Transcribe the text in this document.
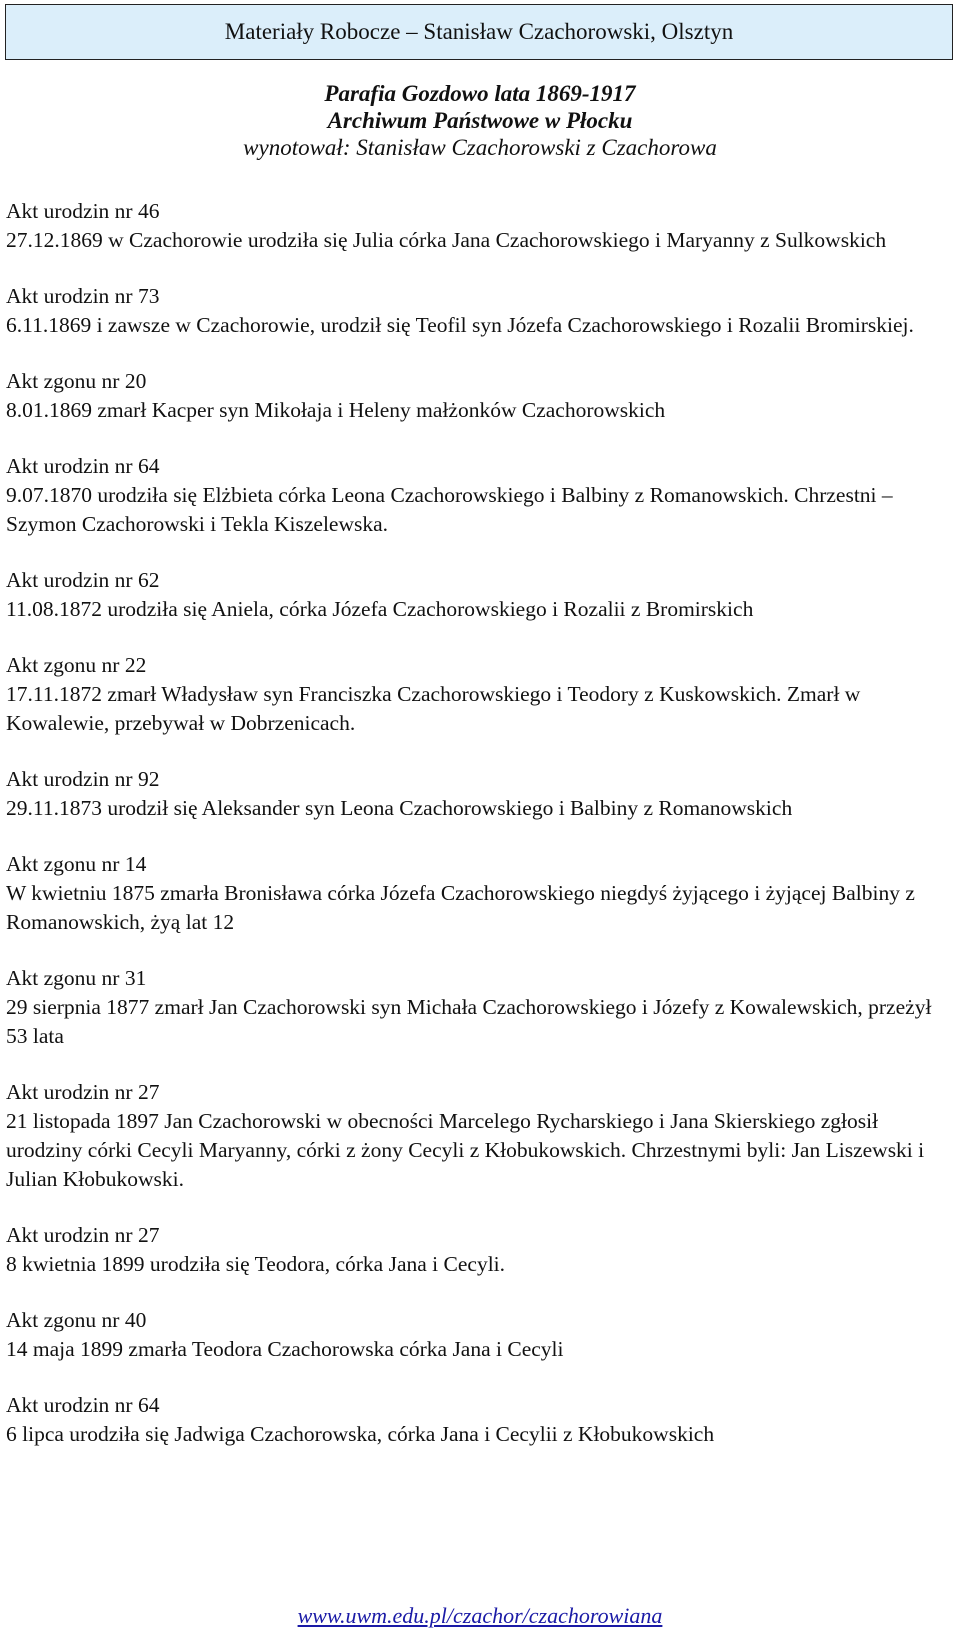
Materiały Robocze – Stanisław Czachorowski, Olsztyn
Parafia Gozdowo lata 1869-1917
Archiwum Państwowe w Płocku
wynotował: Stanisław Czachorowski z Czachorowa
Akt urodzin nr 46
27.12.1869 w Czachorowie urodziła się Julia córka Jana Czachorowskiego i Maryanny z Sulkowskich
Akt urodzin nr 73
6.11.1869 i zawsze w Czachorowie, urodził się Teofil syn Józefa Czachorowskiego i Rozalii Bromirskiej.
Akt zgonu nr 20
8.01.1869 zmarł Kacper syn Mikołaja i Heleny małżonków Czachorowskich
Akt urodzin nr 64
9.07.1870 urodziła się Elżbieta córka Leona Czachorowskiego i Balbiny z Romanowskich. Chrzestni – Szymon Czachorowski i Tekla Kiszelewska.
Akt urodzin nr 62
11.08.1872 urodziła się Aniela, córka Józefa Czachorowskiego i Rozalii z Bromirskich
Akt zgonu nr 22
17.11.1872 zmarł Władysław syn Franciszka Czachorowskiego i Teodory z Kuskowskich. Zmarł w Kowalewie, przebywał w Dobrzenicach.
Akt urodzin nr 92
29.11.1873 urodził się Aleksander syn Leona Czachorowskiego i Balbiny z Romanowskich
Akt zgonu nr 14
W kwietniu 1875 zmarła Bronisława córka Józefa Czachorowskiego niegdyś żyjącego i żyjącej Balbiny z Romanowskich, żyą lat 12
Akt zgonu nr 31
29 sierpnia 1877 zmarł Jan Czachorowski syn Michała Czachorowskiego i Józefy z Kowalewskich, przeżył 53 lata
Akt urodzin nr 27
21 listopada 1897 Jan Czachorowski w obecności Marcelego Rycharskiego i Jana Skierskiego zgłosił urodziny córki Cecyli Maryanny, córki z żony Cecyli z Kłobukowskich. Chrzestnymi byli: Jan Liszewski i Julian Kłobukowski.
Akt urodzin nr 27
8 kwietnia 1899 urodziła się Teodora, córka Jana i Cecyli.
Akt zgonu nr 40
14 maja 1899 zmarła Teodora Czachorowska córka Jana i Cecyli
Akt urodzin nr 64
6 lipca urodziła się Jadwiga Czachorowska, córka Jana i Cecylii z Kłobukowskich
www.uwm.edu.pl/czachor/czachorowiana
